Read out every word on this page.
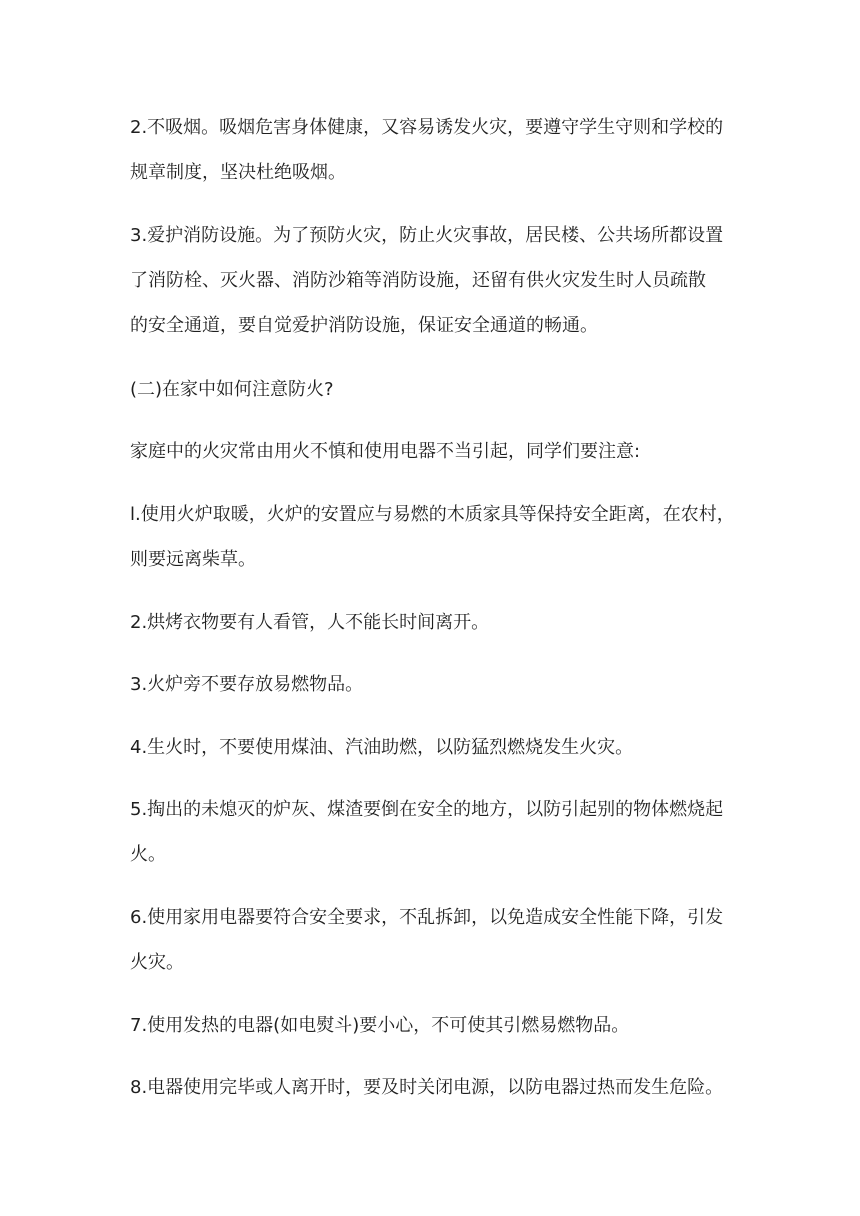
2.不吸烟。吸烟危害身体健康，又容易诱发火灾，要遵守学生守则和学校的

规章制度，坚决杜绝吸烟。

3.爱护消防设施。为了预防火灾，防止火灾事故，居民楼、公共场所都设置

了消防栓、灭火器、消防沙箱等消防设施，还留有供火灾发生时人员疏散

的安全通道，要自觉爱护消防设施，保证安全通道的畅通。

(二)在家中如何注意防火?

家庭中的火灾常由用火不慎和使用电器不当引起，同学们要注意:

l.使用火炉取暖，火炉的安置应与易燃的木质家具等保持安全距离，在农村，

则要远离柴草。

2.烘烤衣物要有人看管，人不能长时间离开。

3.火炉旁不要存放易燃物品。

4.生火时，不要使用煤油、汽油助燃，以防猛烈燃烧发生火灾。

5.掏出的未熄灭的炉灰、煤渣要倒在安全的地方，以防引起别的物体燃烧起

火。

6.使用家用电器要符合安全要求，不乱拆卸，以免造成安全性能下降，引发

火灾。

7.使用发热的电器(如电熨斗)要小心，不可使其引燃易燃物品。

8.电器使用完毕或人离开时，要及时关闭电源，以防电器过热而发生危险。
